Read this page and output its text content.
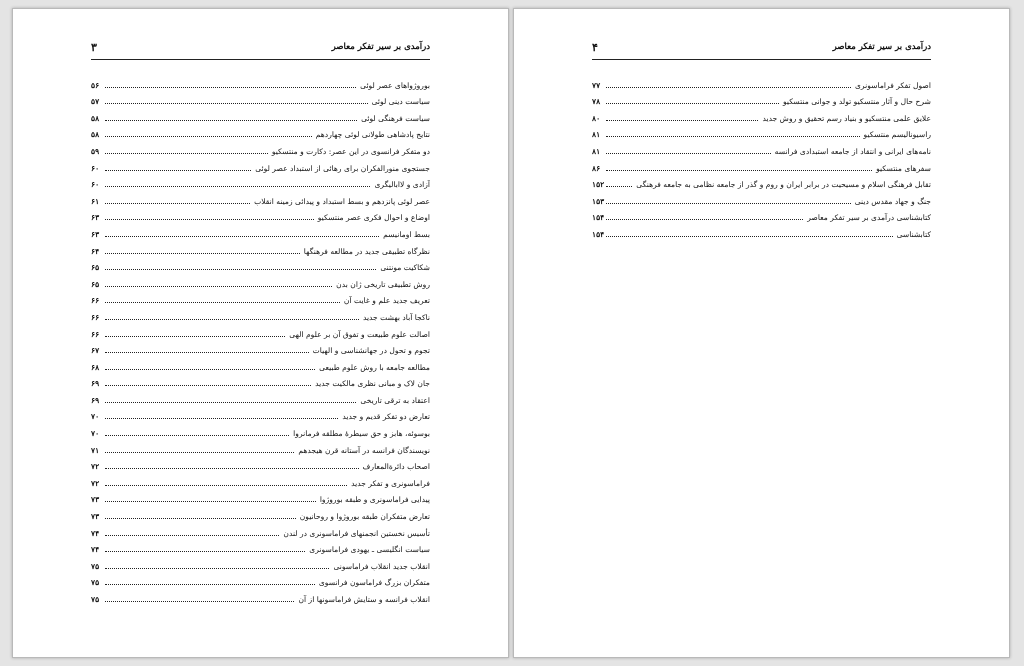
۳	درآمدی بر سیر تفکر معاصر
بوروژواهای عصر لوئی
۵۶
سیاست دینی لوئی
۵۷
سیاست فرهنگی لوئی
۵۸
نتایج پادشاهی طولانی لوئی چهاردهم
۵۸
دو متفکر فرانسوی در این عصر: دکارت و منتسکیو
۵۹
جستجوی منورالفکران برای رهائی از استبداد عصر لوئی
۶۰
آزادی و لاابالیگری
۶۰
عصر لوئی پانزدهم و بسط استبداد و پیدائی زمینه انقلاب
۶۱
اوضاع و احوال فکری عصر منتسکیو
۶۳
بسط اومانیسم
۶۳
نظرگاه تطبیقی جدید در مطالعه فرهنگها
۶۴
شکاکیت مونتنی
۶۵
روش تطبیقی تاریخی ژان بدن
۶۵
تعریف جدید علم و غایت آن
۶۶
ناکجا آباد بهشت جدید
۶۶
اصالت علوم طبیعت و تفوق آن بر علوم الهی
۶۶
تجوم و تحول در جهانشناسی و الهیات
۶۷
مطالعه جامعه با روش علوم طبیعی
۶۸
جان لاک و مبانی نظری مالکیت جدید
۶۹
اعتقاد به ترقی تاریخی
۶۹
تعارض دو تفکر قدیم و جدید
۷۰
بوسوئه، هابز و حق سیطرهٔ مطلقه فرمانروا
۷۰
نویسندگان فرانسه در آستانه قرن هیجدهم
۷۱
اصحاب دائرةالمعارف
۷۲
فراماسونری و تفکر جدید
۷۲
پیدایی فراماسونری و طبقه بوروژوا
۷۳
تعارض متفکران طبقه بوروژوا و روحانیون
۷۳
تأسیس نخستین انجمنهای فراماسونری در لندن
۷۴
سیاست انگلیسی ـ یهودی فراماسونری
۷۴
انقلاب جدید انقلاب فراماسونی
۷۵
متفکران بزرگ فراماسون فرانسوی
۷۵
انقلاب فرانسه و ستایش فراماسونها از آن
۷۵
۴	درآمدی بر سیر تفکر معاصر
اصول تفکر فراماسونری
۷۷
شرح حال و آثار منتسکیو تولد و جوانی منتسکیو
۷۸
علایق علمی منتسکیو و بنیاد رسم تحقیق و روش جدید
۸۰
راسیونالیسم منتسکیو
۸۱
نامه‌های ایرانی و انتقاد از جامعه استبدادی فرانسه
۸۱
سفرهای منتسکیو
۸۶
تقابل فرهنگی اسلام و مسیحیت در برابر ایران و روم و گذر از جامعه نظامی به جامعه فرهنگی
۱۵۲
جنگ و جهاد مقدس دینی
۱۵۳
کتابشناسی درآمدی بر سیر تفکر معاصر
۱۵۴
کتابشناسی
۱۵۴
